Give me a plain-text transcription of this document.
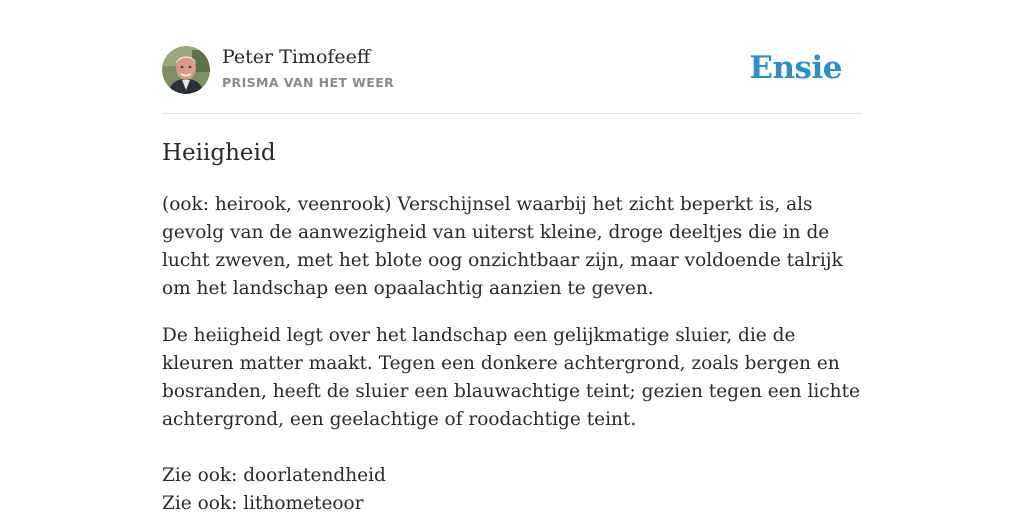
Peter Timofeeff
PRISMA VAN HET WEER	Ensie
Heiigheid

(ook: heirook, veenrook) Verschijnsel waarbij het zicht beperkt is, als gevolg van de aanwezigheid van uiterst kleine, droge deeltjes die in de lucht zweven, met het blote oog onzichtbaar zijn, maar voldoende talrijk om het landschap een opaalachtig aanzien te geven.

De heiigheid legt over het landschap een gelijkmatige sluier, die de kleuren matter maakt. Tegen een donkere achtergrond, zoals bergen en bosranden, heeft de sluier een blauwachtige teint; gezien tegen een lichte achtergrond, een geelachtige of roodachtige teint.

Zie ook: doorlatendheid
Zie ook: lithometeoor
